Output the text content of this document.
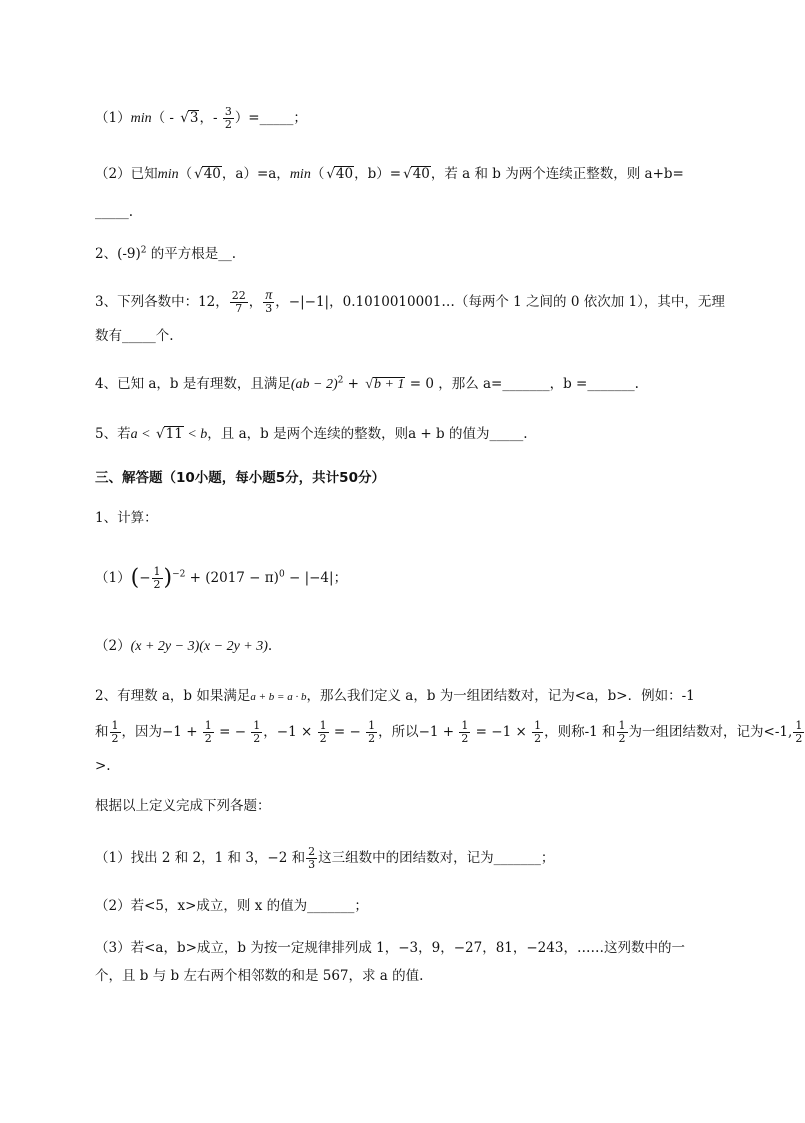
（1）min（ - √ 3，- $\frac{3}{2}$ ）=_____；
（2）已知min（ √ 40，a）=a，min（ √ 40，b）= √ 40，若 a 和 b 为两个连续正整数，则 a+b=
_____.
2、$(-9)^2$ 的平方根是__.
3、下列各数中：12， $\frac{22}{7}$ ， $\frac{\pi}{3}$ ，−|−1|，0.1010010001…（每两个 1 之间的 0 依次加 1），其中，无理
数有_____个.
4、已知 a，b 是有理数，且满足(ab − 2)$^2$ + √ b + 1 = 0 ，那么 a=_______，b =_______.
5、若a < √ 11 < b，且 a，b 是两个连续的整数，则a + b 的值为_____.
三、解答题（10小题，每小题5分，共计50分）
1、计算：
$(1)(- \frac{1}{2} )^{-2} + (2017 - \pi)^0 - |-4|$；
（2）(x + 2y − 3)(x − 2y + 3).
2、有理数 a，b 如果满足a + b = a · b，那么我们定义 a，b 为一组团结数对，记为<a，b>．例如：-1
和 $\frac{1}{2}$ ，因为$-1 + \frac{1}{2}$ = − $\frac{1}{2}$ ，$-1 \times \frac{1}{2}$ = − $\frac{1}{2}$ ，所以$-1 + \frac{1}{2} = -1 \times \frac{1}{2}$ ，则称-1 和 $\frac{1}{2}$ 为一组团结数对，记为<-1, $\frac{1}{2}$
>.
根据以上定义完成下列各题：
（1）找出 2 和 2，1 和 3，−2 和 $\frac{2}{3}$ 这三组数中的团结数对，记为_______；
（2）若<5，x>成立，则 x 的值为_______；
（3）若<a，b>成立，b 为按一定规律排列成 1，−3，9，−27，81，−243，……这列数中的一
个，且 b 与 b 左右两个相邻数的和是 567，求 a 的值.
